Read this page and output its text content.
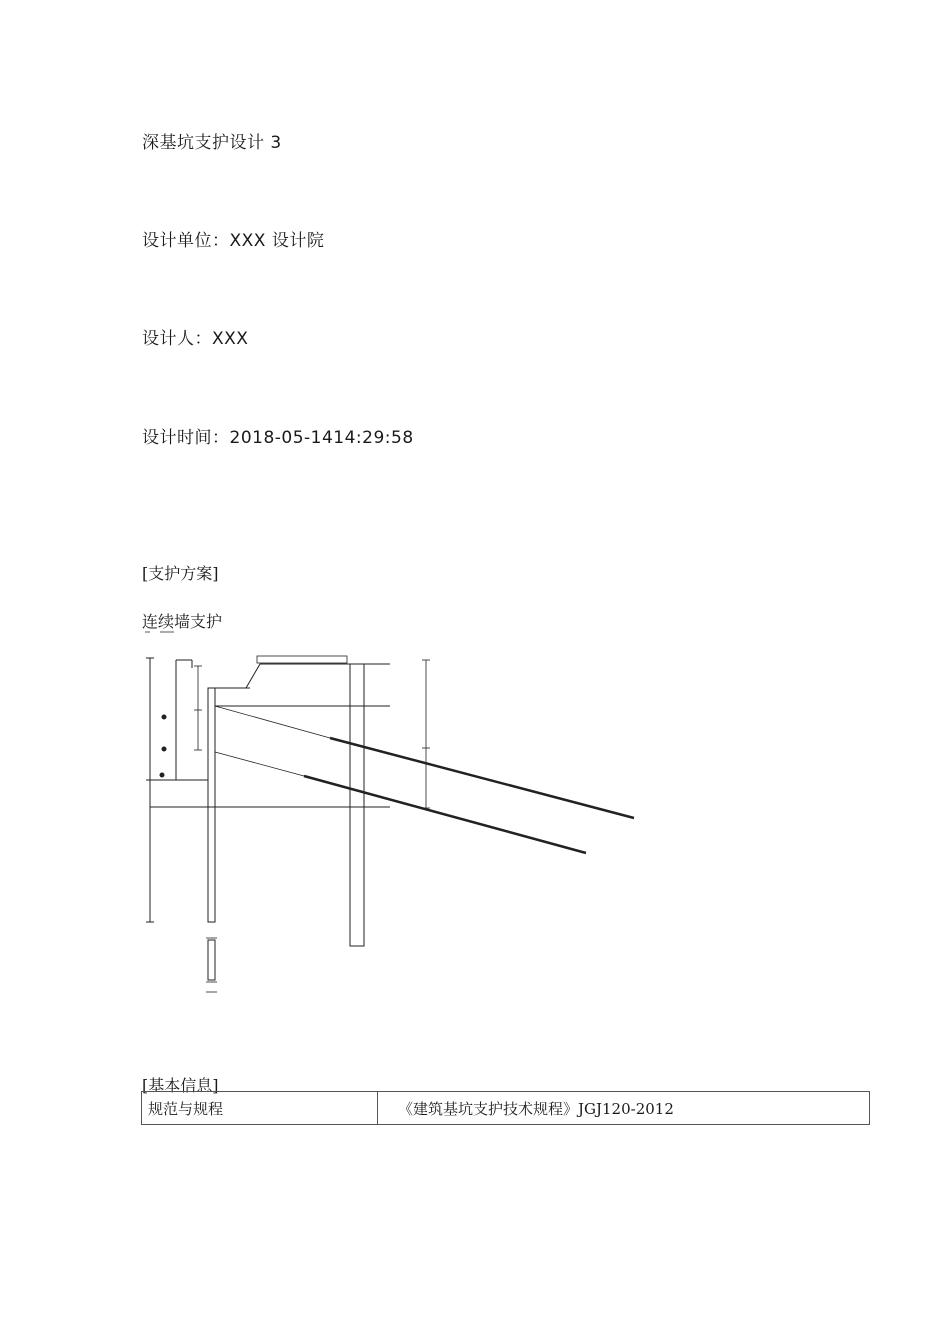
深基坑支护设计 3
设计单位：XXX 设计院
设计人：XXX
设计时间：2018-05-1414:29:58
[支护方案]
连续墙支护
[基本信息]
规范与规程	《建筑基坑支护技术规程》JGJ120-2012
